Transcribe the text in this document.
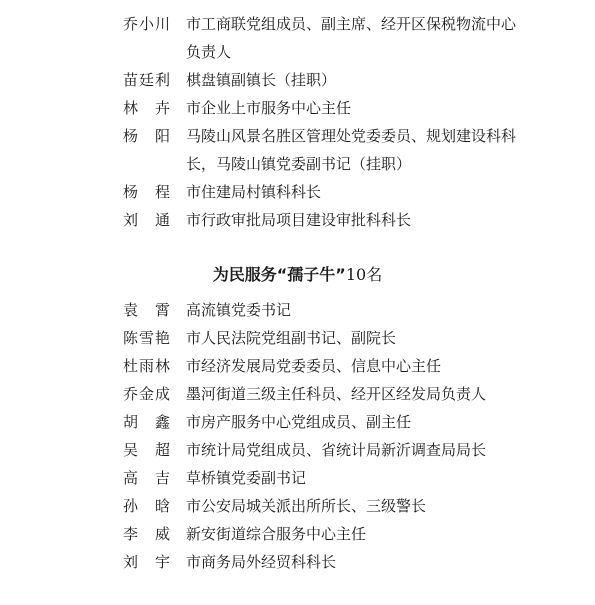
乔小川 市工商联党组成员、副主席、经开区保税物流中心负责人
苗廷利 棋盘镇副镇长（挂职）
林　卉 市企业上市服务中心主任
杨　阳 马陵山风景名胜区管理处党委委员、规划建设科科长，马陵山镇党委副书记（挂职）
杨　程 市住建局村镇科科长
刘　通 市行政审批局项目建设审批科科长
为民服务“孺子牛”10名
袁　霄 高流镇党委书记
陈雪艳 市人民法院党组副书记、副院长
杜雨林 市经济发展局党委委员、信息中心主任
乔金成 墨河街道三级主任科员、经开区经发局负责人
胡　鑫 市房产服务中心党组成员、副主任
吴　超 市统计局党组成员、省统计局新沂调查局局长
高　吉 草桥镇党委副书记
孙　晗 市公安局城关派出所所长、三级警长
李　威 新安街道综合服务中心主任
刘　宇 市商务局外经贸科科长
